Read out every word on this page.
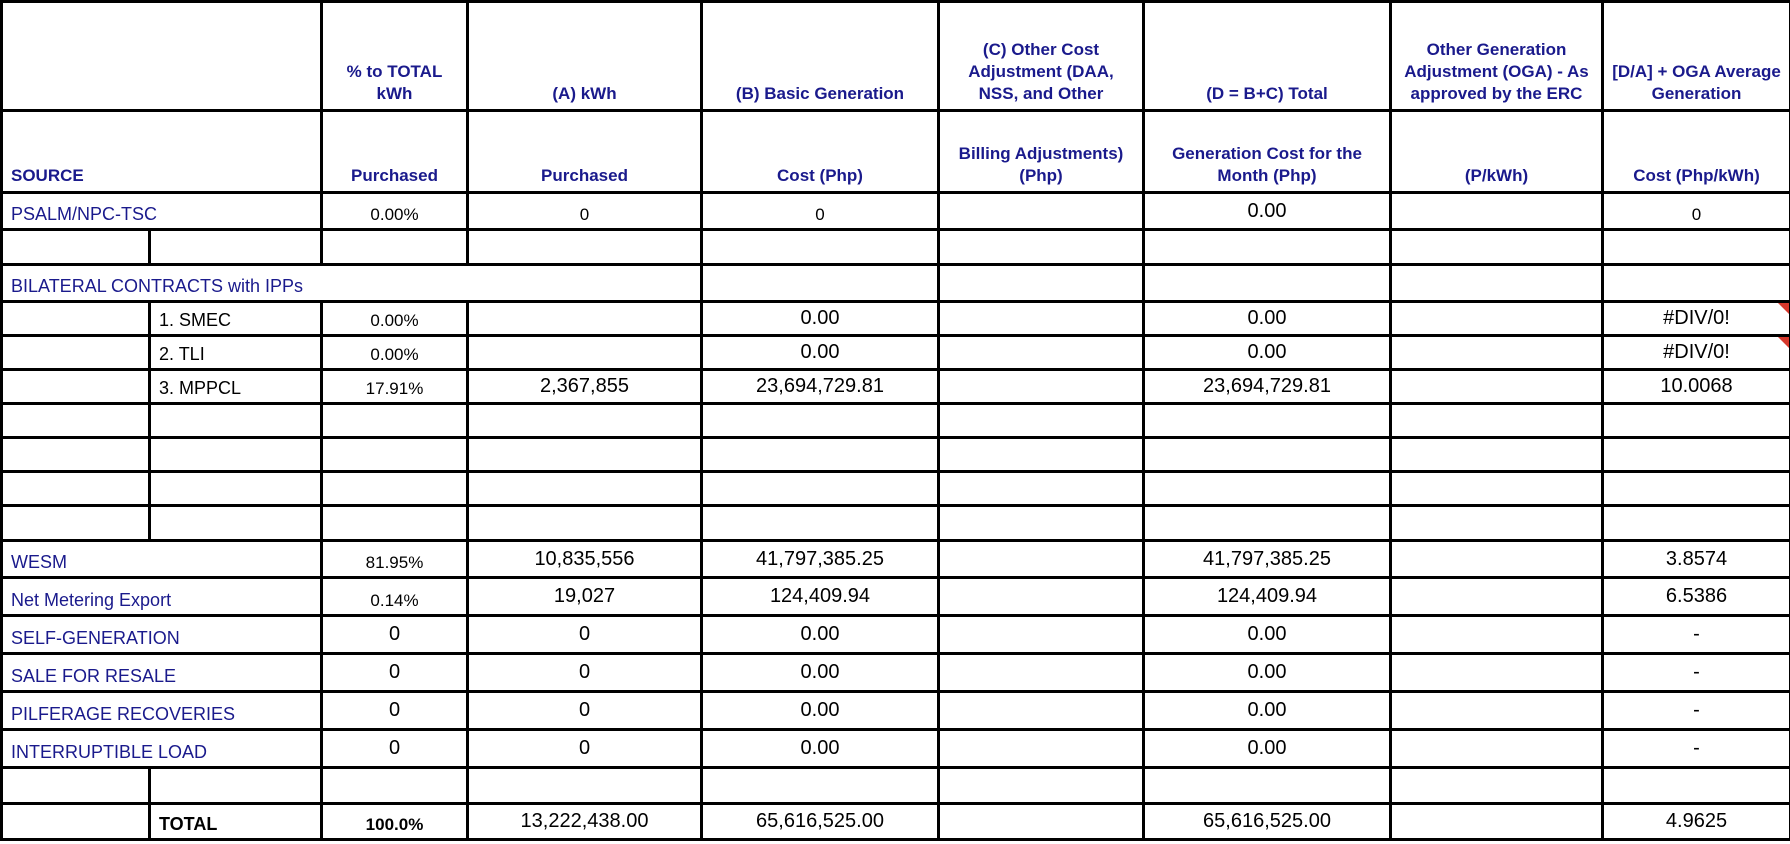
		% to TOTAL kWh	(A) kWh	(B) Basic Generation	(C) Other Cost Adjustment (DAA, NSS, and Other	(D = B+C) Total	Other Generation Adjustment (OGA) - As approved by the ERC	[D/A] + OGA Average Generation
SOURCE		Purchased	Purchased	Cost (Php)	Billing Adjustments) (Php)	Generation Cost for the Month (Php)	(P/kWh)	Cost (Php/kWh)
PSALM/NPC-TSC		0.00%	0	0		0.00		0

BILATERAL CONTRACTS with IPPs								
	1. SMEC	0.00%		0.00		0.00		#DIV/0!

	2. TLI	0.00%		0.00		0.00		#DIV/0!

	3. MPPCL	17.91%	2,367,855	23,694,729.81		23,694,729.81		10.0068

WESM		81.95%	10,835,556	41,797,385.25		41,797,385.25		3.8574
Net Metering Export		0.14%	19,027	124,409.94		124,409.94		6.5386
SELF-GENERATION		0	0	0.00		0.00		-
SALE FOR RESALE		0	0	0.00		0.00		-
PILFERAGE RECOVERIES		0	0	0.00		0.00		-
INTERRUPTIBLE LOAD		0	0	0.00		0.00		-

	TOTAL	100.0%	13,222,438.00	65,616,525.00		65,616,525.00		4.9625
